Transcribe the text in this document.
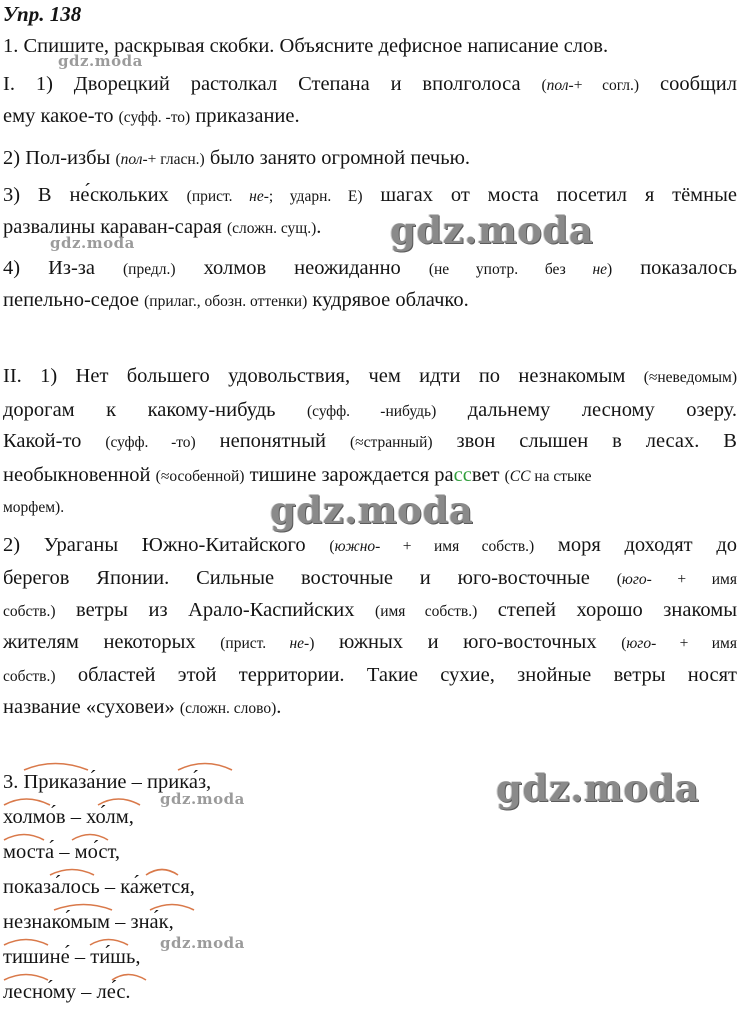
Упр. 138
1. Спишите, раскрывая скобки. Объясните дефисное написание слов.
I. 1) Дворецкий растолкал Степана и вполголоса (пол-+ согл.) сообщил
ему какое-то (суфф. -то) приказание.
2) Пол-избы (пол-+ гласн.) было занято огромной печью.
3) В не́скольких (прист. не-; ударн. Е) шагах от моста посетил я тёмные
развалины караван-сарая (сложн. сущ.).
4) Из-за (предл.) холмов неожиданно (не употр. без не) показалось
пепельно-седое (прилаг., обозн. оттенки) кудрявое облачко.
II. 1) Нет большего удовольствия, чем идти по незнакомым (≈неведомым)
дорогам к какому-нибудь (суфф. -нибудь) дальнему лесному озеру.
Какой-то (суфф. -то) непонятный (≈странный) звон слышен в лесах. В
необыкновенной (≈особенной) тишине зарождается рассвет (СС на стыке
морфем).
2) Ураганы Южно-Китайского (южно- + имя собств.) моря доходят до
берегов Японии. Сильные восточные и юго-восточные (юго- + имя
собств.) ветры из Арало-Каспийских (имя собств.) степей хорошо знакомы
жителям некоторых (прист. не-) южных и юго-восточных (юго- + имя
собств.) областей этой территории. Такие сухие, знойные ветры носят
название «суховеи» (сложн. слово).
3. Приказа́ние – прика́з,
холмо́в – хо́лм,
моста́ – мо́ст,
показа́лось – ка́жется,
незнако́мым – зна́к,
тишине́ – ти́шь,
лесно́му – ле́с.
gdz.moda
gdz.moda	gdz.moda
gdz.moda
gdz.moda
gdz.moda
gdz.moda
